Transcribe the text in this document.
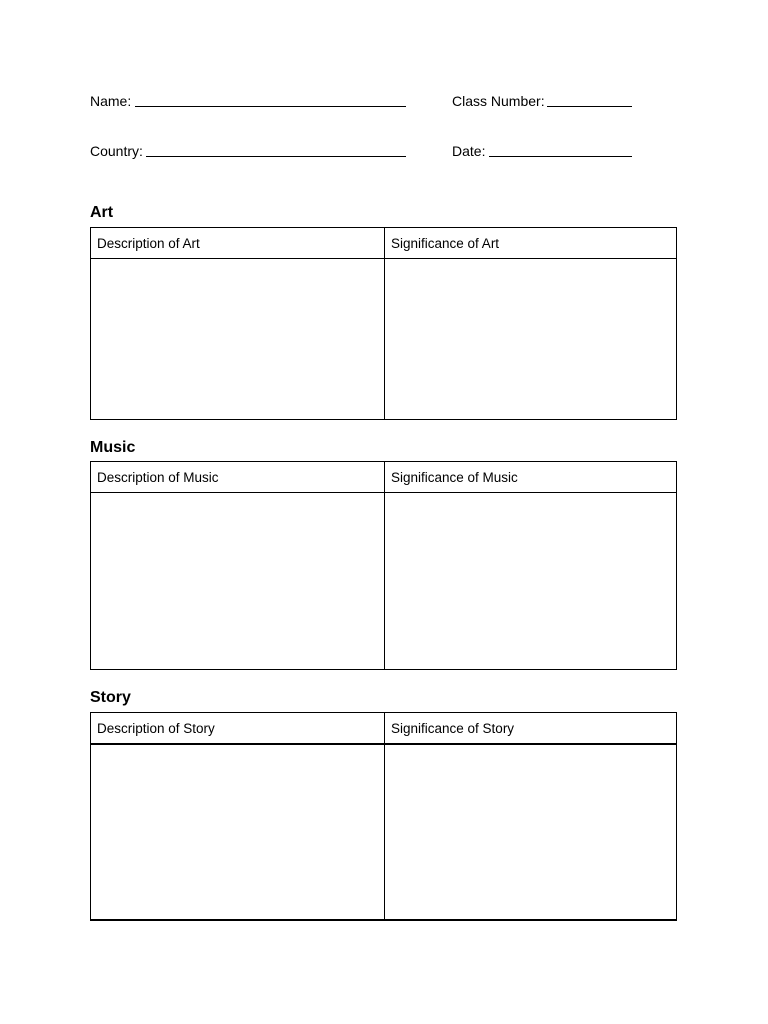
Name:	Class Number:
Country:	Date:
Art
Description of Art	Significance of Art
Music
Description of Music	Significance of Music
Story
Description of Story	Significance of Story
